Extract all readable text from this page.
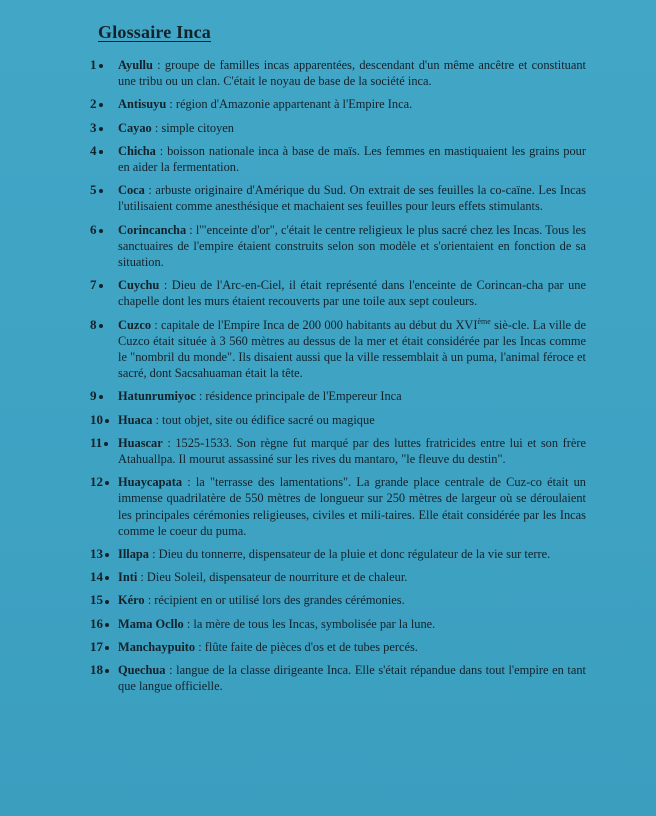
Glossaire Inca
1	Ayullu : groupe de familles incas apparentées, descendant d'un même ancêtre et constituant une tribu ou un clan. C'était le noyau de base de la société inca.
2	Antisuyu : région d'Amazonie appartenant à l'Empire Inca.
3	Cayao : simple citoyen
4	Chicha : boisson nationale inca à base de maïs. Les femmes en mastiquaient les grains pour en aider la fermentation.
5	Coca : arbuste originaire d'Amérique du Sud. On extrait de ses feuilles la co-caïne. Les Incas l'utilisaient comme anesthésique et machaient ses feuilles pour leurs effets stimulants.
6	Corincancha : l'"enceinte d'or", c'était le centre religieux le plus sacré chez les Incas. Tous les sanctuaires de l'empire étaient construits selon son modèle et s'orientaient en fonction de sa situation.
7	Cuychu : Dieu de l'Arc-en-Ciel, il était représenté dans l'enceinte de Corincan-cha par une chapelle dont les murs étaient recouverts par une toile aux sept couleurs.
8	Cuzco : capitale de l'Empire Inca de 200 000 habitants au début du XVIème siè-cle. La ville de Cuzco était située à 3 560 mètres au dessus de la mer et était considérée par les Incas comme le "nombril du monde". Ils disaient aussi que la ville ressemblait à un puma, l'animal féroce et sacré, dont Sacsahuaman était la tête.
9	Hatunrumiyoc : résidence principale de l'Empereur Inca
10	Huaca : tout objet, site ou édifice sacré ou magique
11	Huascar : 1525-1533. Son règne fut marqué par des luttes fratricides entre lui et son frère Atahuallpa. Il mourut assassiné sur les rives du mantaro, "le fleuve du destin".
12	Huaycapata : la "terrasse des lamentations". La grande place centrale de Cuz-co était un immense quadrilatère de 550 mètres de longueur sur 250 mètres de largeur où se déroulaient les principales cérémonies religieuses, civiles et mili-taires. Elle était considérée par les Incas comme le coeur du puma.
13	Illapa : Dieu du tonnerre, dispensateur de la pluie et donc régulateur de la vie sur terre.
14	Inti : Dieu Soleil, dispensateur de nourriture et de chaleur.
15	Kéro : récipient en or utilisé lors des grandes cérémonies.
16	Mama Ocllo : la mère de tous les Incas, symbolisée par la lune.
17	Manchaypuito : flûte faite de pièces d'os et de tubes percés.
18	Quechua : langue de la classe dirigeante Inca. Elle s'était répandue dans tout l'empire en tant que langue officielle.
